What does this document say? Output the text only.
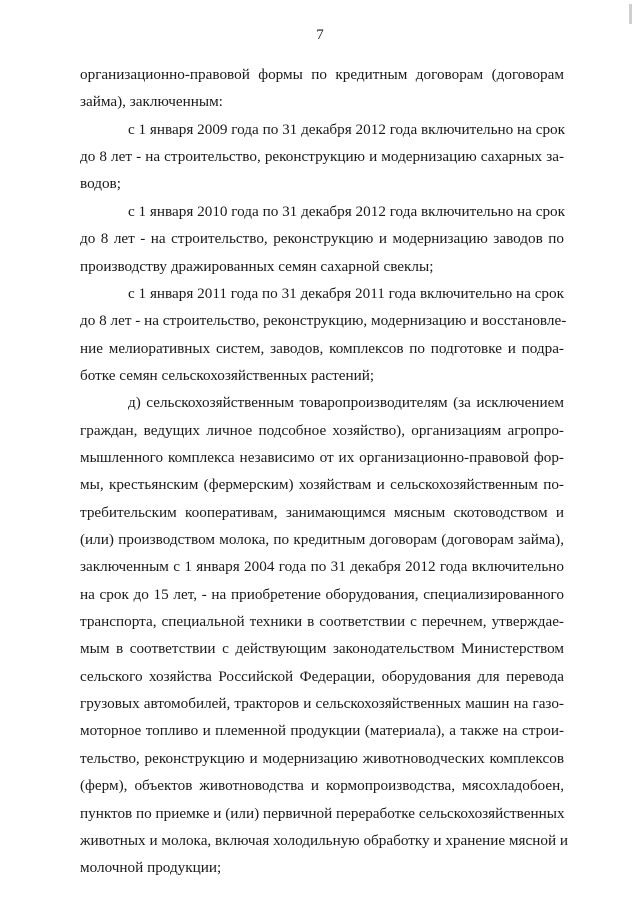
7
организационно-правовой формы по кредитным договорам (договорам
займа), заключенным:
с 1 января 2009 года по 31 декабря 2012 года включительно на срок
до 8 лет - на строительство, реконструкцию и модернизацию сахарных за-
водов;
с 1 января 2010 года по 31 декабря 2012 года включительно на срок
до 8 лет - на строительство, реконструкцию и модернизацию заводов по
производству дражированных семян сахарной свеклы;
с 1 января 2011 года по 31 декабря 2011 года включительно на срок
до 8 лет - на строительство, реконструкцию, модернизацию и восстановле-
ние мелиоративных систем, заводов, комплексов по подготовке и подра-
ботке семян сельскохозяйственных растений;
д) сельскохозяйственным товаропроизводителям (за исключением
граждан, ведущих личное подсобное хозяйство), организациям агропро-
мышленного комплекса независимо от их организационно-правовой фор-
мы, крестьянским (фермерским) хозяйствам и сельскохозяйственным по-
требительским кооперативам, занимающимся мясным скотоводством и
(или) производством молока, по кредитным договорам (договорам займа),
заключенным с 1 января 2004 года по 31 декабря 2012 года включительно
на срок до 15 лет, - на приобретение оборудования, специализированного
транспорта, специальной техники в соответствии с перечнем, утверждае-
мым в соответствии с действующим законодательством Министерством
сельского хозяйства Российской Федерации, оборудования для перевода
грузовых автомобилей, тракторов и сельскохозяйственных машин на газо-
моторное топливо и племенной продукции (материала), а также на строи-
тельство, реконструкцию и модернизацию животноводческих комплексов
(ферм), объектов животноводства и кормопроизводства, мясохладобоен,
пунктов по приемке и (или) первичной переработке сельскохозяйственных
животных и молока, включая холодильную обработку и хранение мясной и
молочной продукции;
